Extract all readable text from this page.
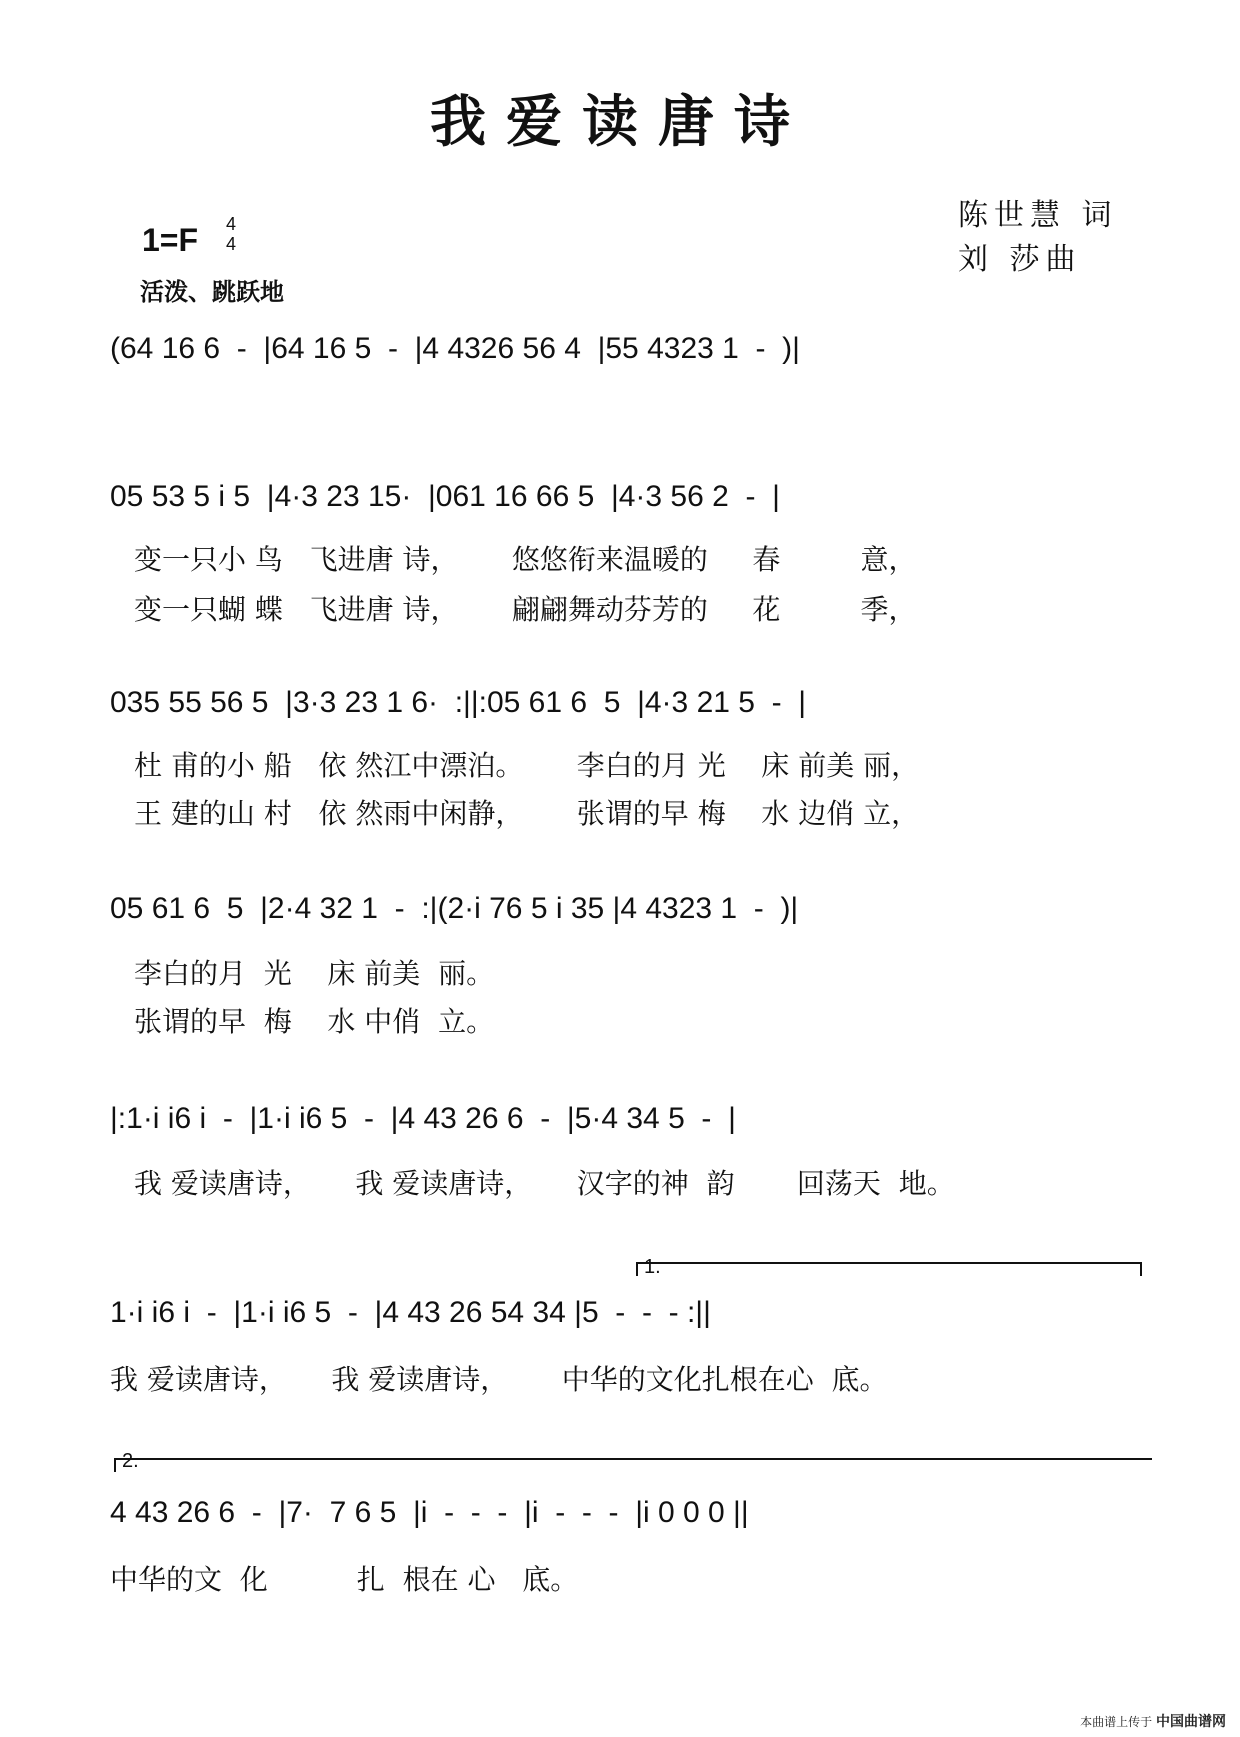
我爱读唐诗
1=F 4
4
活泼、跳跃地
陈世慧 词
刘 莎曲
(64 16 6  -  |64 16 5  -  |4 4326 56 4  |55 4323 1  -  )|
05 53 5 i 5  |4·3 23 15·  |061 16 66 5  |4·3 56 2  -  |
变一只小 鸟   飞进唐 诗，      悠悠衔来温暖的     春         意，
变一只蝴 蝶   飞进唐 诗，      翩翩舞动芬芳的     花         季，
035 55 56 5  |3·3 23 1 6·  :||:05 61 6  5  |4·3 21 5  -  |
杜 甫的小 船   依 然江中漂泊。      李白的月 光    床 前美 丽，
王 建的山 村   依 然雨中闲静，      张谓的早 梅    水 边俏 立，
05 61 6  5  |2·4 32 1  -  :|(2·i 76 5 i 35 |4 4323 1  -  )|
李白的月  光    床 前美  丽。
张谓的早  梅    水 中俏  立。
|:1·i i6 i  -  |1·i i6 5  -  |4 43 26 6  -  |5·4 34 5  -  |
我 爱读唐诗，     我 爱读唐诗，     汉字的神  韵       回荡天  地。
1.
1·i i6 i  -  |1·i i6 5  -  |4 43 26 54 34 |5  -  -  - :||
我 爱读唐诗，     我 爱读唐诗，      中华的文化扎根在心  底。
2.
4 43 26 6  -  |7·  7 6 5  |i  -  -  -  |i  -  -  -  |i 0 0 0 ||
中华的文  化          扎  根在 心   底。
本曲谱上传于 中国曲谱网
